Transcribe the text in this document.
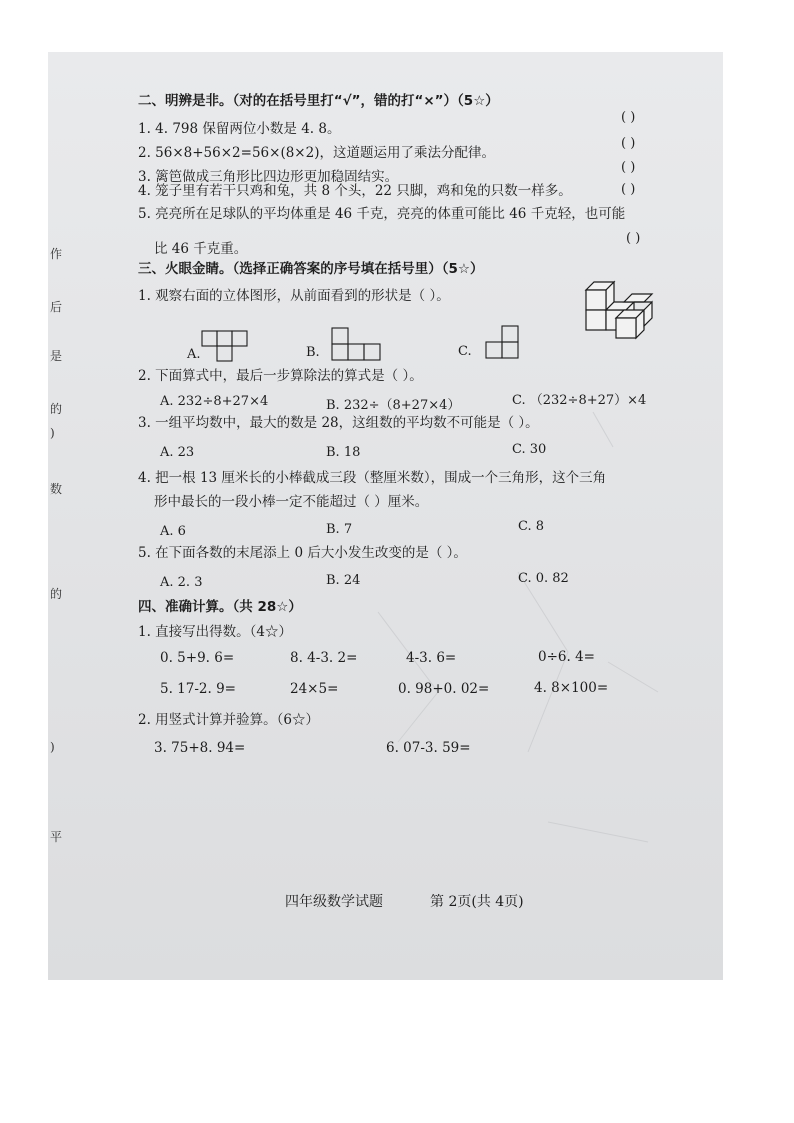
作
后
是
的
)
数
的
)
平
二、明辨是非。（对的在括号里打“√”，错的打“×”）（5☆）
1. 4. 798 保留两位小数是 4. 8。
( )
2. 56×8+56×2=56×(8×2)，这道题运用了乘法分配律。
( )
3. 篱笆做成三角形比四边形更加稳固结实。
( )
4. 笼子里有若干只鸡和兔，共 8 个头，22 只脚，鸡和兔的只数一样多。	( )
5. 亮亮所在足球队的平均体重是 46 千克，亮亮的体重可能比 46 千克轻，也可能
比 46 千克重。
( )
三、火眼金睛。（选择正确答案的序号填在括号里）（5☆）
1. 观察右面的立体图形，从前面看到的形状是（ ）。
A.	B.	C.
2. 下面算式中，最后一步算除法的算式是（ ）。
A. 232÷8+27×4	B. 232÷（8+27×4）	C. （232÷8+27）×4
3. 一组平均数中，最大的数是 28，这组数的平均数不可能是（ ）。
A. 23	B. 18	C. 30
4. 把一根 13 厘米长的小棒截成三段（整厘米数），围成一个三角形，这个三角
形中最长的一段小棒一定不能超过（ ）厘米。
A. 6	B. 7	C. 8
5. 在下面各数的末尾添上 0 后大小发生改变的是（ ）。
A. 2. 3	B. 24	C. 0. 82
四、准确计算。（共 28☆）
1. 直接写出得数。（4☆）
0. 5+9. 6=	8. 4-3. 2=	4-3. 6=	0÷6. 4=
5. 17-2. 9=	24×5=	0. 98+0. 02=	4. 8×100=
2. 用竖式计算并验算。（6☆）
3. 75+8. 94=	6. 07-3. 59=
四年级数学试题	第 2页(共 4页)
